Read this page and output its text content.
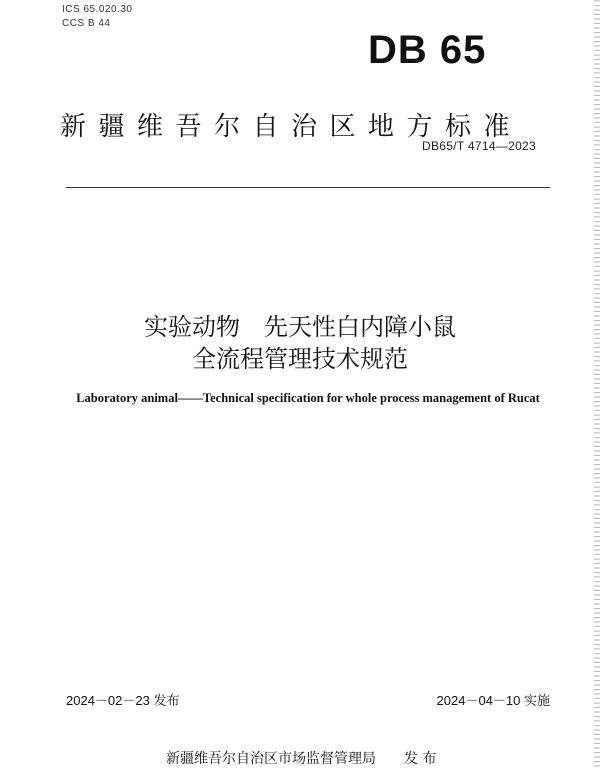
ICS 65.020.30
CCS B 44
DB 65
新疆维吾尔自治区地方标准
DB65/T 4714—2023
实验动物　先天性白内障小鼠
全流程管理技术规范
Laboratory animal——Technical specification for whole process management of Rucat
2024－02－23 发布	2024－04－10 实施
新疆维吾尔自治区市场监督管理局　　发 布
